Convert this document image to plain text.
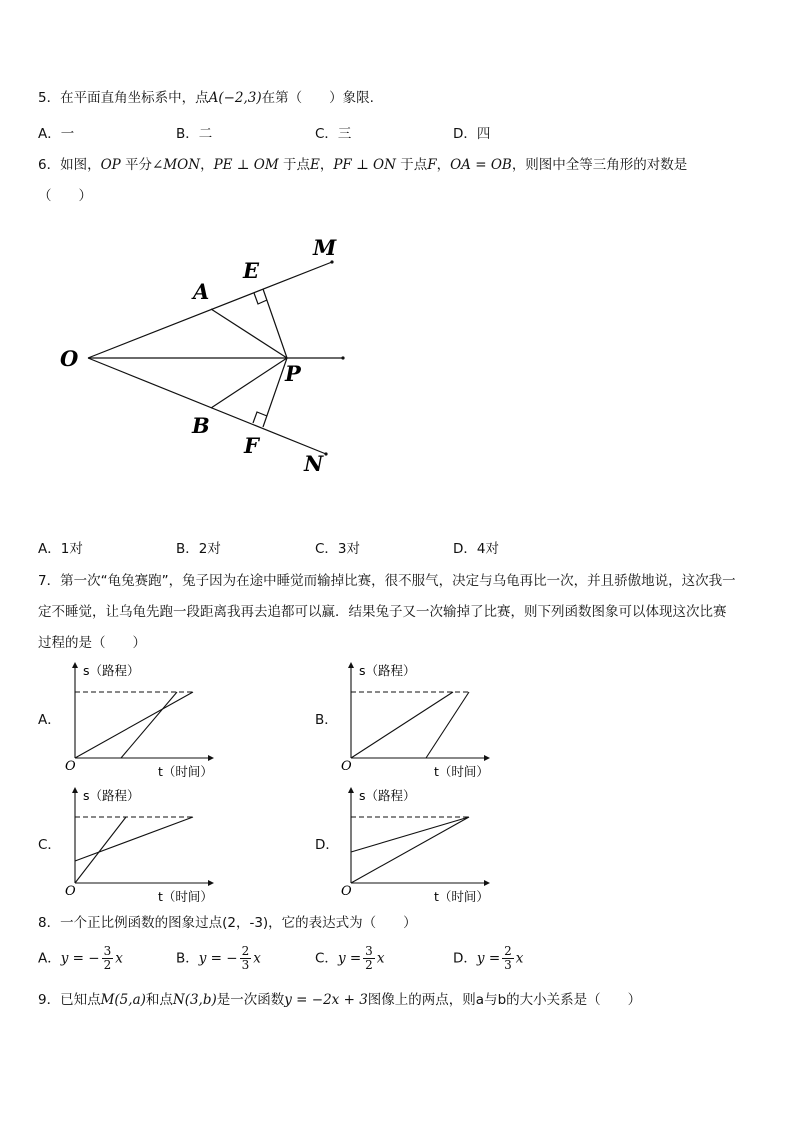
5．在平面直角坐标系中，点A(−2,3)在第（　　）象限.
A．一	B．二	C．三	D．四
6．如图，OP 平分∠MON，PE ⊥ OM 于点E，PF ⊥ ON 于点F，OA = OB，则图中全等三角形的对数是
（　　）
M
E
A
O
P
B
F
N
A．1对	B．2对	C．3对	D．4对
7．第一次“龟兔赛跑”，兔子因为在途中睡觉而输掉比赛，很不服气，决定与乌龟再比一次，并且骄傲地说，这次我一
定不睡觉，让乌龟先跑一段距离我再去追都可以赢．结果兔子又一次输掉了比赛，则下列函数图象可以体现这次比赛
过程的是（　　）
A．
s（路程）
t（时间）
O
B．
s（路程）
t（时间）
O
C．
s（路程）
t（时间）
O
D．
s（路程）
t（时间）
O
8．一个正比例函数的图象过点(2，-3)，它的表达式为（　　）
A．y = − $\frac{3}{2}$ x	B．y = − $\frac{2}{3}$ x	C．$y = \frac{3}{2}$ x	D．$y = \frac{2}{3}$ x
9．已知点M(5,a)和点N(3,b)是一次函数y = −2x + 3图像上的两点，则a与b的大小关系是（　　）
